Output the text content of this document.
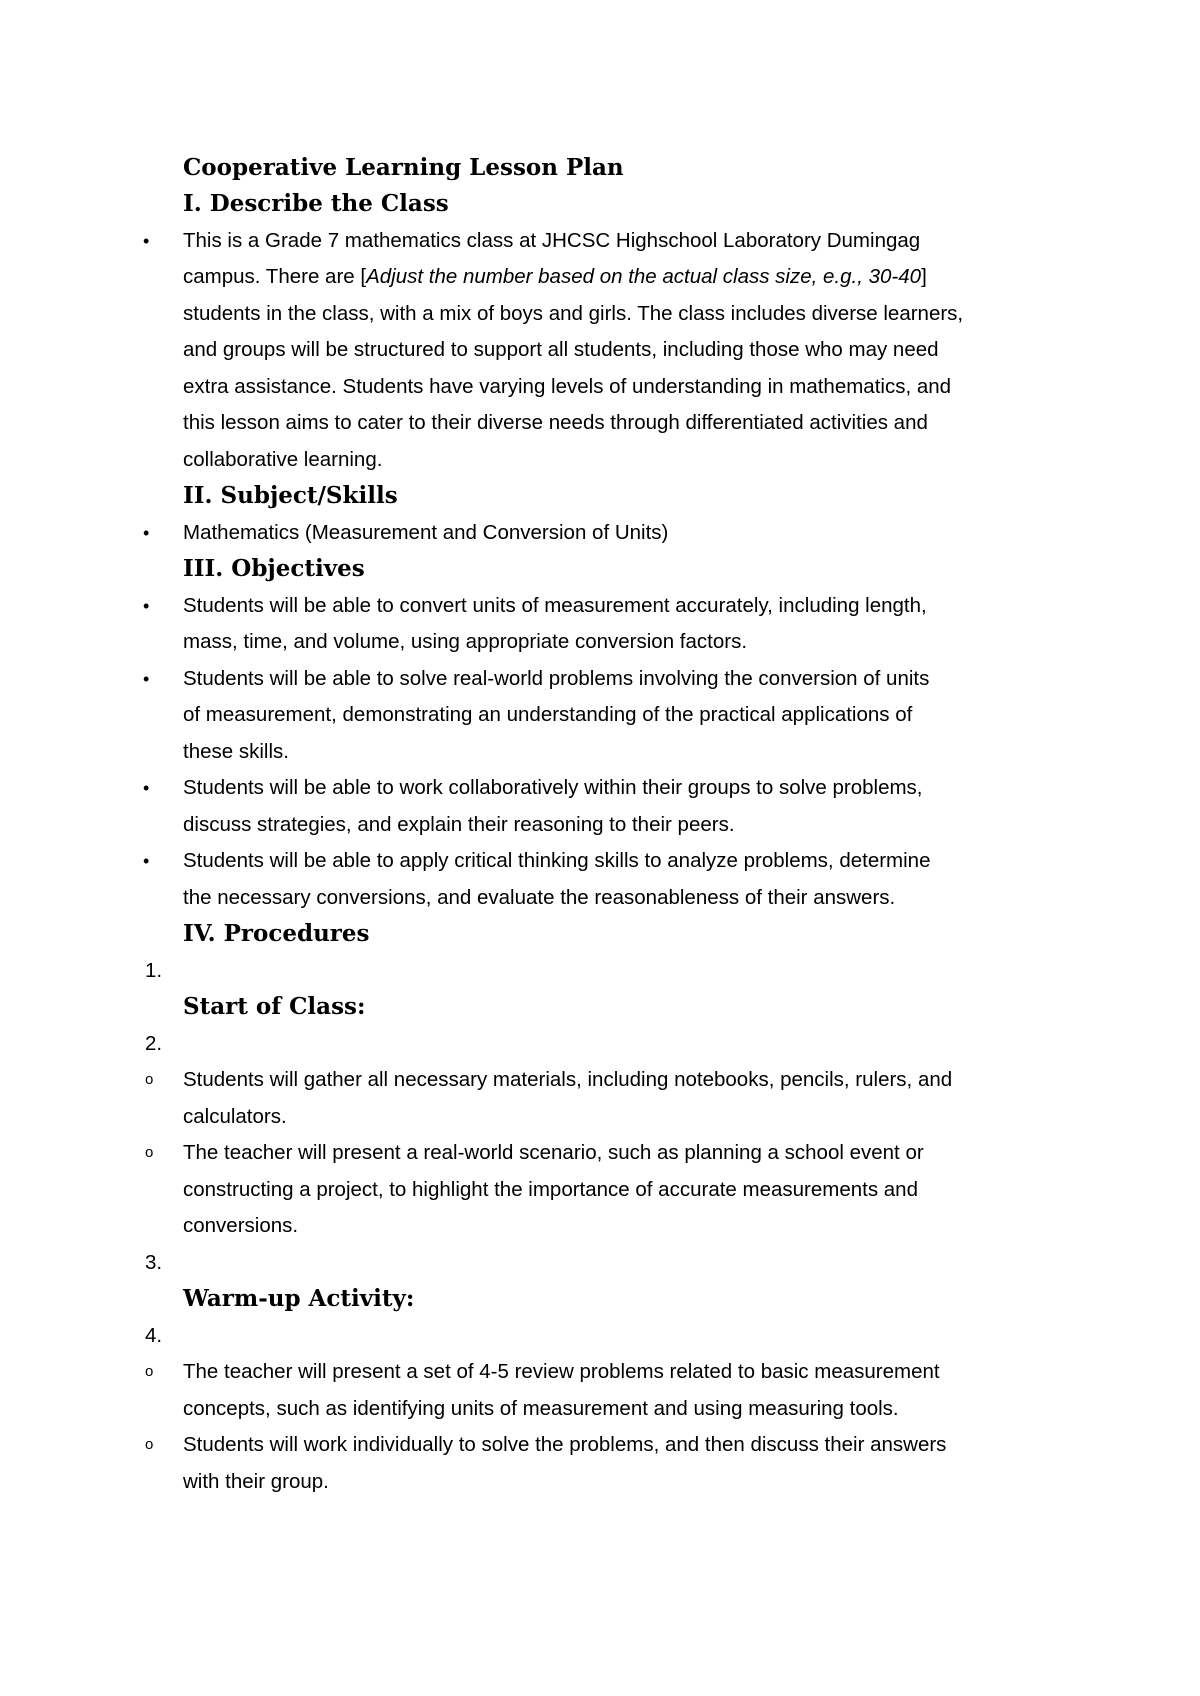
Cooperative Learning Lesson Plan
I. Describe the Class
• This is a Grade 7 mathematics class at JHCSC Highschool Laboratory Dumingag
campus. There are [Adjust the number based on the actual class size, e.g., 30-40]
students in the class, with a mix of boys and girls. The class includes diverse learners,
and groups will be structured to support all students, including those who may need
extra assistance. Students have varying levels of understanding in mathematics, and
this lesson aims to cater to their diverse needs through differentiated activities and
collaborative learning.
II. Subject/Skills
• Mathematics (Measurement and Conversion of Units)
III. Objectives
• Students will be able to convert units of measurement accurately, including length,
mass, time, and volume, using appropriate conversion factors.
• Students will be able to solve real-world problems involving the conversion of units
of measurement, demonstrating an understanding of the practical applications of
these skills.
• Students will be able to work collaboratively within their groups to solve problems,
discuss strategies, and explain their reasoning to their peers.
• Students will be able to apply critical thinking skills to analyze problems, determine
the necessary conversions, and evaluate the reasonableness of their answers.
IV. Procedures
1.
Start of Class:
2.
o Students will gather all necessary materials, including notebooks, pencils, rulers, and
calculators.
o The teacher will present a real-world scenario, such as planning a school event or
constructing a project, to highlight the importance of accurate measurements and
conversions.
3.
Warm-up Activity:
4.
o The teacher will present a set of 4-5 review problems related to basic measurement
concepts, such as identifying units of measurement and using measuring tools.
o Students will work individually to solve the problems, and then discuss their answers
with their group.
